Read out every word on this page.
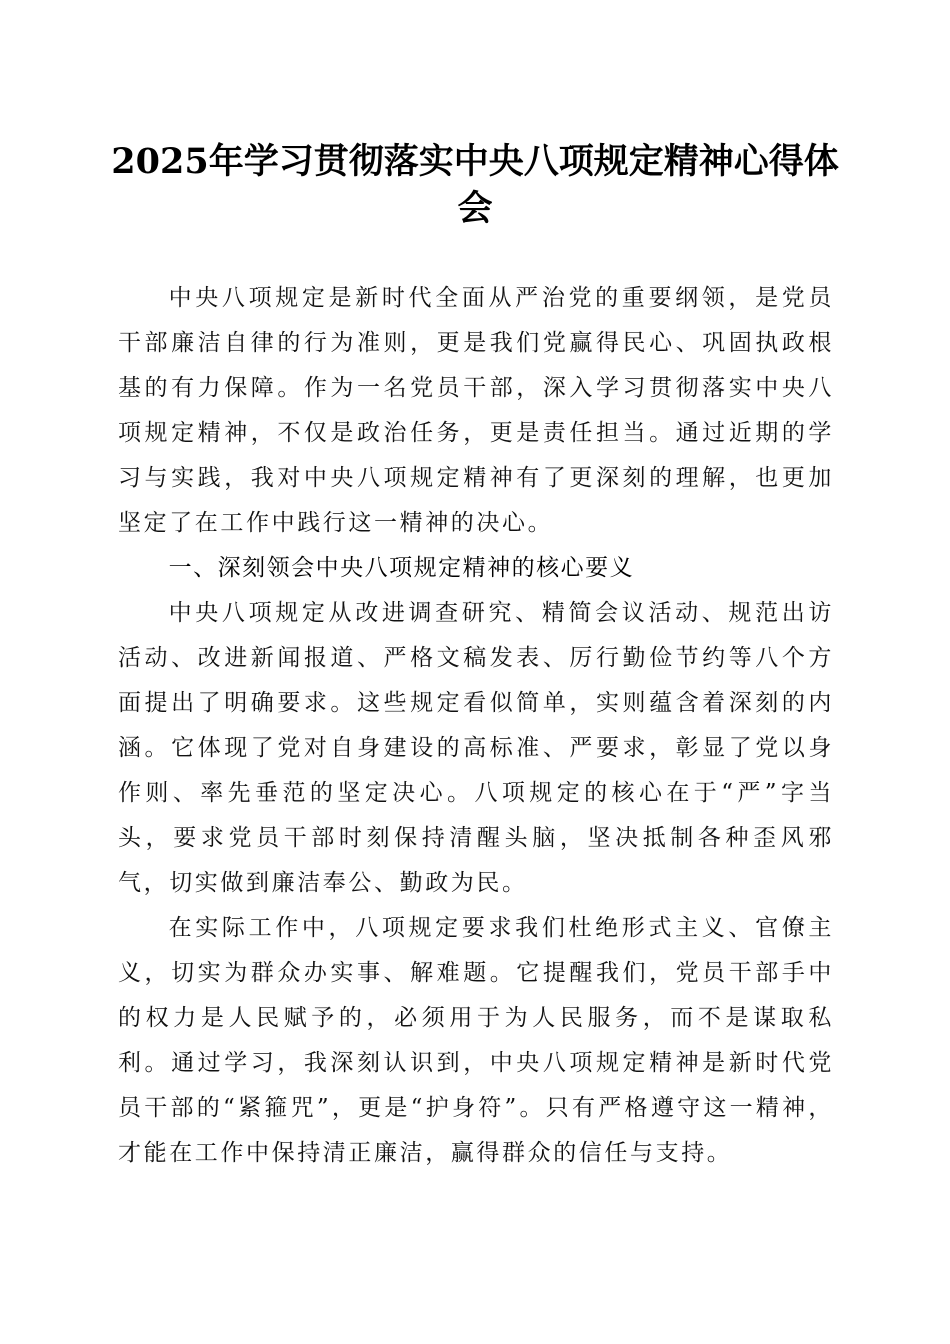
2025年学习贯彻落实中央八项规定精神心得体会

中央八项规定是新时代全面从严治党的重要纲领，是党员干部廉洁自律的行为准则，更是我们党赢得民心、巩固执政根基的有力保障。作为一名党员干部，深入学习贯彻落实中央八项规定精神，不仅是政治任务，更是责任担当。通过近期的学习与实践，我对中央八项规定精神有了更深刻的理解，也更加坚定了在工作中践行这一精神的决心。

一、深刻领会中央八项规定精神的核心要义

中央八项规定从改进调查研究、精简会议活动、规范出访活动、改进新闻报道、严格文稿发表、厉行勤俭节约等八个方面提出了明确要求。这些规定看似简单，实则蕴含着深刻的内涵。它体现了党对自身建设的高标准、严要求，彰显了党以身作则、率先垂范的坚定决心。八项规定的核心在于“严”字当头，要求党员干部时刻保持清醒头脑，坚决抵制各种歪风邪气，切实做到廉洁奉公、勤政为民。

在实际工作中，八项规定要求我们杜绝形式主义、官僚主义，切实为群众办实事、解难题。它提醒我们，党员干部手中的权力是人民赋予的，必须用于为人民服务，而不是谋取私利。通过学习，我深刻认识到，中央八项规定精神是新时代党员干部的“紧箍咒”，更是“护身符”。只有严格遵守这一精神，才能在工作中保持清正廉洁，赢得群众的信任与支持。
